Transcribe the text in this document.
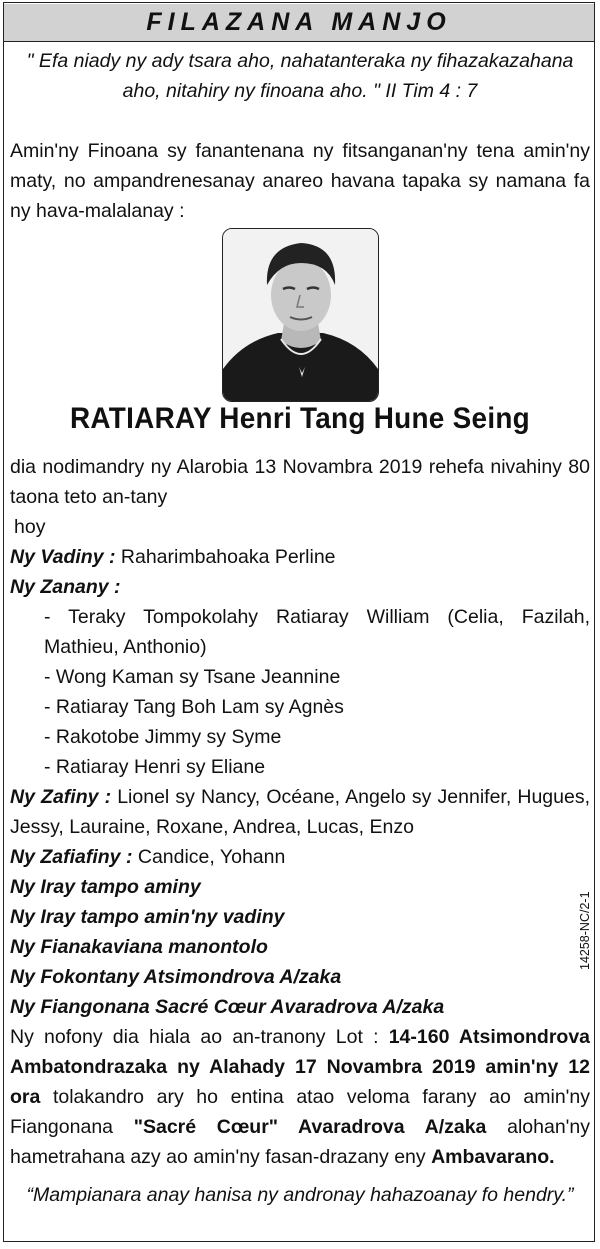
FILAZANA MANJO

" Efa niady ny ady tsara aho, nahatanteraka ny fihazakazahana
aho, nitahiry ny finoana aho. " II Tim 4 : 7

Amin'ny Finoana sy fanantenana ny fitsanganan'ny tena amin'ny maty, no ampandrenesanay anareo havana tapaka sy namana fa ny hava-malalanay :

RATIARAY Henri Tang Hune Seing

dia nodimandry ny Alarobia 13 Novambra 2019 rehefa nivahiny 80 taona teto an-tany

hoy

Ny Vadiny : Raharimbahoaka Perline

Ny Zanany :

- Teraky Tompokolahy Ratiaray William (Celia, Fazilah, Mathieu, Anthonio)

- Wong Kaman sy Tsane Jeannine

- Ratiaray Tang Boh Lam sy Agnès

- Rakotobe Jimmy sy Syme

- Ratiaray Henri sy Eliane

Ny Zafiny : Lionel sy Nancy, Océane, Angelo sy Jennifer, Hugues, Jessy, Lauraine, Roxane, Andrea, Lucas, Enzo

Ny Zafiafiny : Candice, Yohann

Ny Iray tampo aminy

Ny Iray tampo amin'ny vadiny

Ny Fianakaviana manontolo

Ny Fokontany Atsimondrova A/zaka

Ny Fiangonana Sacré Cœur Avaradrova A/zaka

Ny nofony dia hiala ao an-tranony Lot : 14-160 Atsimondrova Ambatondrazaka ny Alahady 17 Novambra 2019 amin'ny 12 ora tolakandro ary ho entina atao veloma farany ao amin'ny Fiangonana "Sacré Cœur" Avaradrova A/zaka alohan'ny hametrahana azy ao amin'ny fasan-drazany eny Ambavarano.
“Mampianara anay hanisa ny andronay hahazoanay fo hendry.”
14258-NC/2-1
